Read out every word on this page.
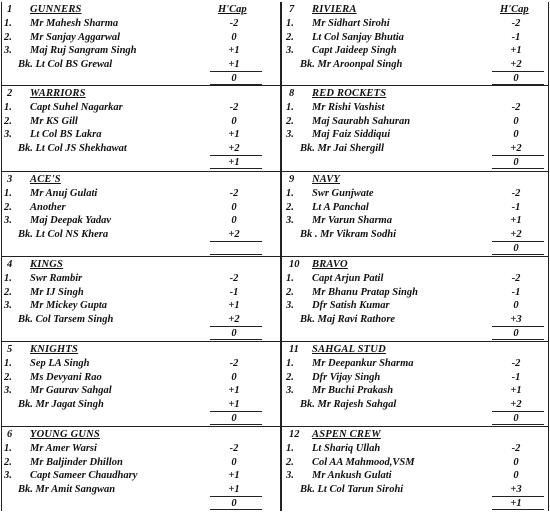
1 GUNNERS	H'Cap
1. Mr Mahesh Sharma	-2
2. Mr Sanjay Aggarwal	0
3. Maj Ruj Sangram Singh	+1
Bk. Lt Col BS Grewal	+1
0
7 RIVIERA	H'Cap
1. Mr Sidhart Sirohi	-2
2. Lt Col Sanjay Bhutia	-1
3. Capt Jaideep Singh	+1
Bk. Mr Aroonpal Singh	+2
0
2 WARRIORS
1. Capt Suhel Nagarkar	-2
2. Mr KS Gill	0
3. Lt Col BS Lakra	+1
Bk. Lt Col JS Shekhawat	+2
+1
8 RED ROCKETS
1. Mr Rishi Vashist	-2
2. Maj Saurabh Sahuran	0
3. Maj Faiz Siddiqui	0
Bk. Mr Jai Shergill	+2
0
3 ACE'S
1. Mr Anuj Gulati	-2
2. Another	0
3. Maj Deepak Yadav	0
Bk. Lt Col NS Khera	+2
9 NAVY
1. Swr Gunjwate	-2
2. Lt A Panchal	-1
3. Mr Varun Sharma	+1
Bk . Mr Vikram Sodhi	+2
0
4 KINGS
1. Swr Rambir	-2
2. Mr IJ Singh	-1
3. Mr Mickey Gupta	+1
Bk. Col Tarsem Singh	+2
0
10 BRAVO
1. Capt Arjun Patil	-2
2. Mr Bhanu Pratap Singh	-1
3. Dfr Satish Kumar	0
Bk. Maj Ravi Rathore	+3
0
5 KNIGHTS
1. Sep LA Singh	-2
2. Ms Devyani Rao	0
3. Mr Gaurav Sahgal	+1
Bk. Mr Jagat Singh	+1
0
11 SAHGAL STUD
1. Mr Deepankur Sharma	-2
2. Dfr Vijay Singh	-1
3. Mr Buchi Prakash	+1
Bk. Mr Rajesh Sahgal	+2
0
6 YOUNG GUNS
1. Mr Amer Warsi	-2
2. Mr Baljinder Dhillon	0
3. Capt Sameer Chaudhary	+1
Bk. Mr Amit Sangwan	+1
0
12 ASPEN CREW
1. Lt Shariq Ullah	-2
2. Col AA Mahmood,VSM	0
3. Mr Ankush Gulati	0
Bk. Lt Col Tarun Sirohi	+3
+1
